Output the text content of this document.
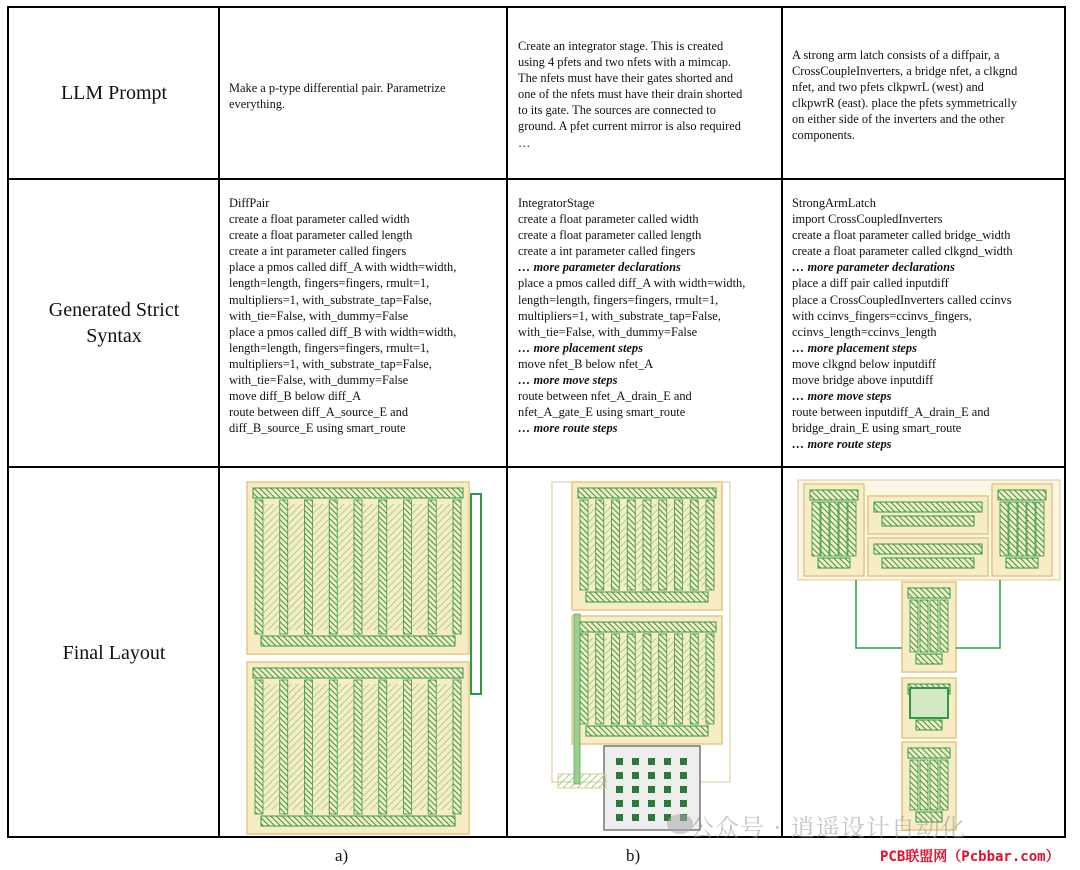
LLM Prompt
Generated Strict
Syntax
Final Layout
Make a p-type differential pair. Parametrize
everything.
Create an integrator stage. This is created
using 4 pfets and two nfets with a mimcap.
The nfets must have their gates shorted and
one of the nfets must have their drain shorted
to its gate. The sources are connected to
ground. A pfet current mirror is also required
…
A strong arm latch consists of a diffpair, a
CrossCoupleInverters, a bridge nfet, a clkgnd
nfet, and two pfets clkpwrL (west) and
clkpwrR (east). place the pfets symmetrically
on either side of the inverters and the other
components.
DiffPair
create a float parameter called width
create a float parameter called length
create a int parameter called fingers
place a pmos called diff_A with width=width,
length=length, fingers=fingers, rmult=1,
multipliers=1, with_substrate_tap=False,
with_tie=False, with_dummy=False
place a pmos called diff_B with width=width,
length=length, fingers=fingers, rmult=1,
multipliers=1, with_substrate_tap=False,
with_tie=False, with_dummy=False
move diff_B below diff_A
route between diff_A_source_E and
diff_B_source_E using smart_route
IntegratorStage
create a float parameter called width
create a float parameter called length
create a int parameter called fingers
… more parameter declarations
place a pmos called diff_A with width=width,
length=length, fingers=fingers, rmult=1,
multipliers=1, with_substrate_tap=False,
with_tie=False, with_dummy=False
… more placement steps
move nfet_B below nfet_A
… more move steps
route between nfet_A_drain_E and
nfet_A_gate_E using smart_route
… more route steps
StrongArmLatch
import CrossCoupledInverters
create a float parameter called bridge_width
create a float parameter called clkgnd_width
… more parameter declarations
place a diff pair called inputdiff
place a CrossCoupledInverters called ccinvs
with ccinvs_fingers=ccinvs_fingers,
ccinvs_length=ccinvs_length
… more placement steps
move clkgnd below inputdiff
move bridge above inputdiff
… more move steps
route between inputdiff_A_drain_E and
bridge_drain_E using smart_route
… more route steps
a)	b)
公众号 · 逍遥设计自动化
PCB联盟网（Pcbbar.com）
